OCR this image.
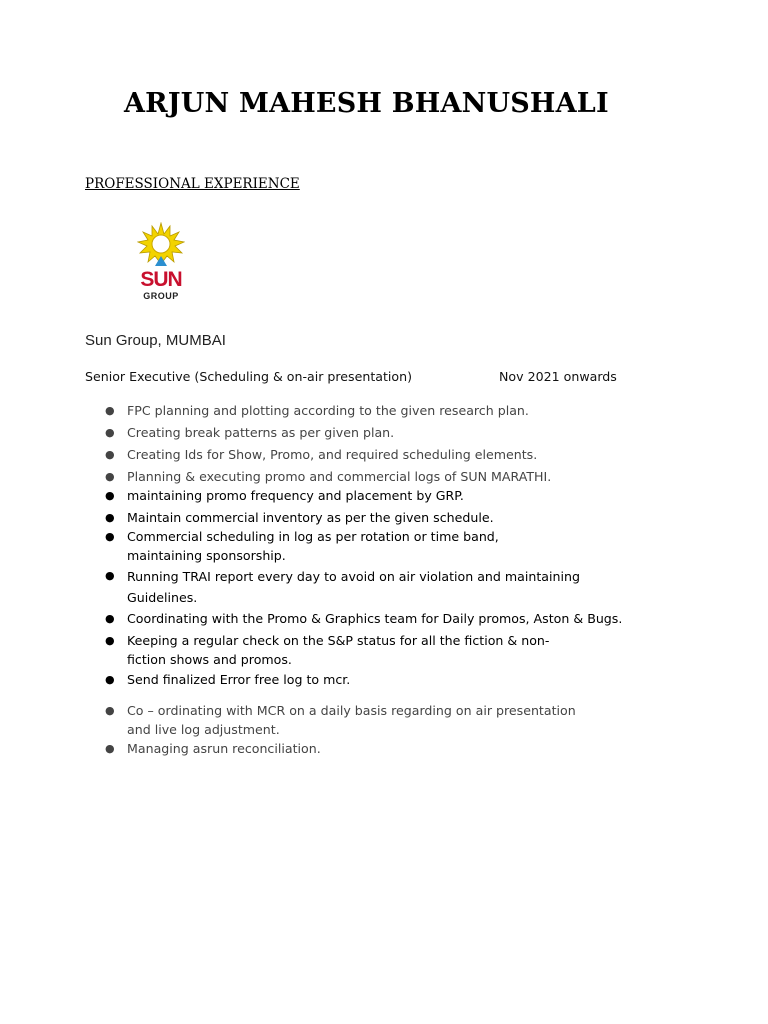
ARJUN MAHESH BHANUSHALI
PROFESSIONAL EXPERIENCE
SUN
GROUP
Sun Group, MUMBAI
Senior Executive (Scheduling & on-air presentation)	Nov 2021 onwards
● FPC planning and plotting according to the given research plan.
● Creating break patterns as per given plan.
● Creating Ids for Show, Promo, and required scheduling elements.
● Planning & executing promo and commercial logs of SUN MARATHI.
● maintaining promo frequency and placement by GRP.
● Maintain commercial inventory as per the given schedule.
● Commercial scheduling in log as per rotation or time band, maintaining sponsorship.
● Running TRAI report every day to avoid on air violation and maintaining Guidelines.
● Coordinating with the Promo & Graphics team for Daily promos, Aston & Bugs.
● Keeping a regular check on the S&P status for all the fiction & non-fiction shows and promos.
● Send finalized Error free log to mcr.
● Co – ordinating with MCR on a daily basis regarding on air presentation and live log adjustment.
● Managing asrun reconciliation.
